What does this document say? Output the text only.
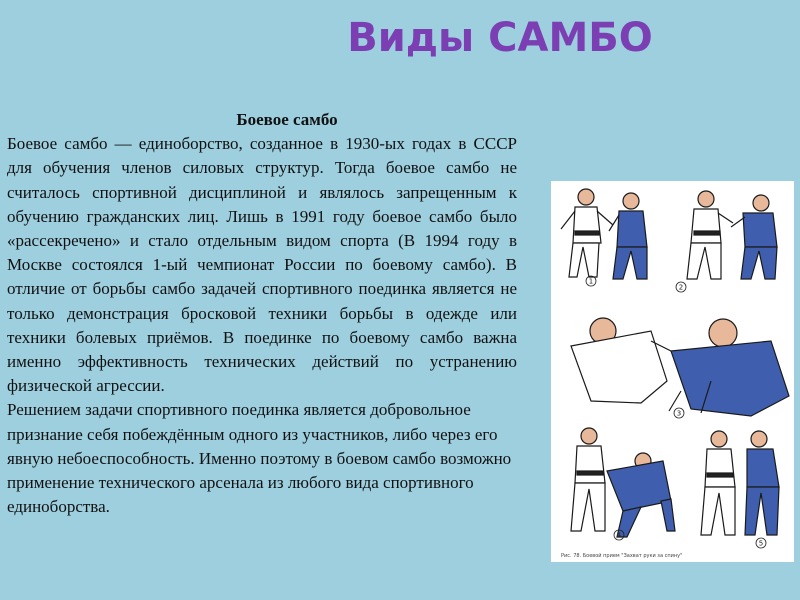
Виды САМБО
Боевое самбо
Боевое самбо — единоборство, созданное в 1930-ых годах в СССР для обучения членов силовых структур. Тогда боевое самбо не считалось спортивной дисциплиной и являлось запрещенным к обучению гражданских лиц. Лишь в 1991 году боевое самбо было «рассекречено» и стало отдельным видом спорта (В 1994 году в Москве состоялся 1-ый чемпионат России по боевому самбо). В отличие от борьбы самбо задачей спортивного поединка является не только демонстрация бросковой техники борьбы в одежде или техники болевых приёмов. В поединке по боевому самбо важна именно эффективность технических действий по устранению физической агрессии.
Решением задачи спортивного поединка является добровольное признание себя побеждённым одного из участников, либо через его явную небоеспособность. Именно поэтому в боевом самбо возможно применение технического арсенала из любого вида спортивного единоборства.
1
2
3
4
5
Рис. 78. Боевой прием "Захват руки за спину"
